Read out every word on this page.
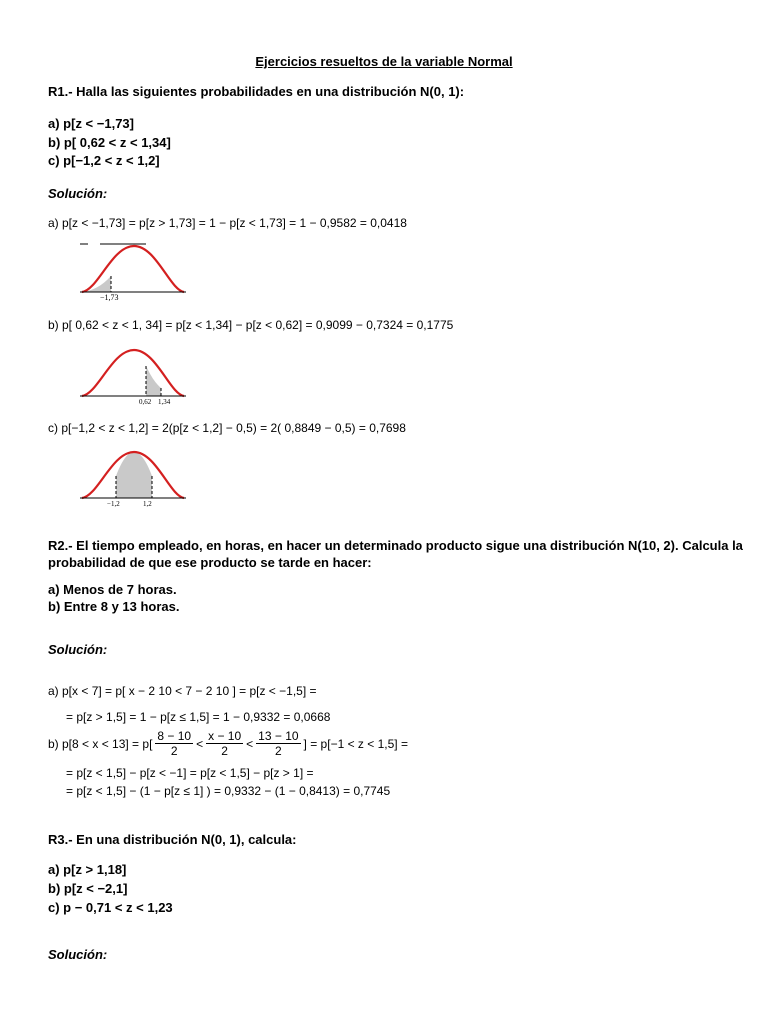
Ejercicios resueltos de la variable Normal
R1.- Halla las siguientes probabilidades en una distribución N(0, 1):
a) p[z < −1,73]
b) p[ 0,62 < z < 1,34]
c) p[−1,2 < z < 1,2]
Solución:
a) p[z < −1,73] = p[z > 1,73] = 1 − p[z < 1,73] = 1 − 0,9582 = 0,0418
−1,73
b) p[ 0,62 < z < 1, 34] = p[z < 1,34] − p[z < 0,62] = 0,9099 − 0,7324 = 0,1775
0,62 1,34
c) p[−1,2 < z < 1,2] = 2(p[z < 1,2] − 0,5) = 2( 0,8849 − 0,5) = 0,7698
−1,2	1,2
R2.- El tiempo empleado, en horas, en hacer un determinado producto sigue una distribución N(10, 2). Calcula la
probabilidad de que ese producto se tarde en hacer:
a) Menos de 7 horas.
b) Entre 8 y 13 horas.
Solución:
a) p[x < 7] = p[ x − 2 10 < 7 − 2 10 ] = p[z < −1,5] =
= p[z > 1,5] = 1 − p[z ≤ 1,5] = 1 − 0,9332 = 0,0668
b) $p[8 < x < 13] = p[ \frac{8 - 10}{2} < \frac{x - 10}{2} < \frac{13 - 10}{2}$ ] = p[−1 < z < 1,5] =
= p[z < 1,5] − p[z < −1] = p[z < 1,5] − p[z > 1] =
= p[z < 1,5] − (1 − p[z ≤ 1] ) = 0,9332 − (1 − 0,8413) = 0,7745
R3.- En una distribución N(0, 1), calcula:
a) p[z > 1,18]
b) p[z < −2,1]
c) p − 0,71 < z < 1,23
Solución:
